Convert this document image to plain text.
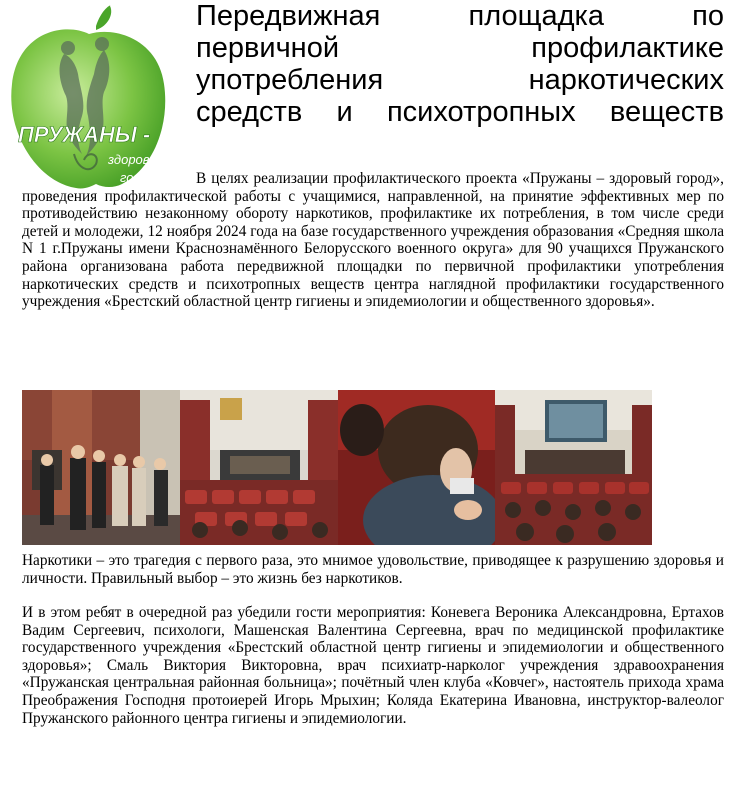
ПРУЖАНЫ -
здоровый
город!
Передвижная площадка по
первичной профилактике
употребления наркотических
средств и психотропных веществ

В целях реализации профилактического проекта «Пружаны – здоровый город», проведения профилактической работы с учащимися, направленной, на принятие эффективных мер по противодействию незаконному обороту наркотиков, профилактике их потребления, в том числе среди детей и молодежи, 12 ноября 2024 года на базе государственного учреждения образования «Средняя школа N 1 г.Пружаны имени Краснознамённого Белорусского военного округа» для 90 учащихся Пружанского района организована работа передвижной площадки по первичной профилактики употребления наркотических средств и психотропных веществ центра наглядной профилактики государственного учреждения «Брестский областной центр гигиены и эпидемиологии и общественного здоровья».

Наркотики – это трагедия с первого раза, это мнимое удовольствие, приводящее к разрушению здоровья и личности. Правильный выбор – это жизнь без наркотиков.

И в этом ребят в очередной раз убедили гости мероприятия: Коневега Вероника Александровна, Ертахов Вадим Сергеевич, психологи, Машенская Валентина Сергеевна, врач по медицинской профилактике государственного учреждения «Брестский областной центр гигиены и эпидемиологии и общественного здоровья»; Смаль Виктория Викторовна, врач психиатр-нарколог учреждения здравоохранения «Пружанская центральная районная больница»; почётный член клуба «Ковчег», настоятель прихода храма Преображения Господня протоиерей Игорь Мрыхин; Коляда Екатерина Ивановна, инструктор-валеолог Пружанского районного центра гигиены и эпидемиологии.
